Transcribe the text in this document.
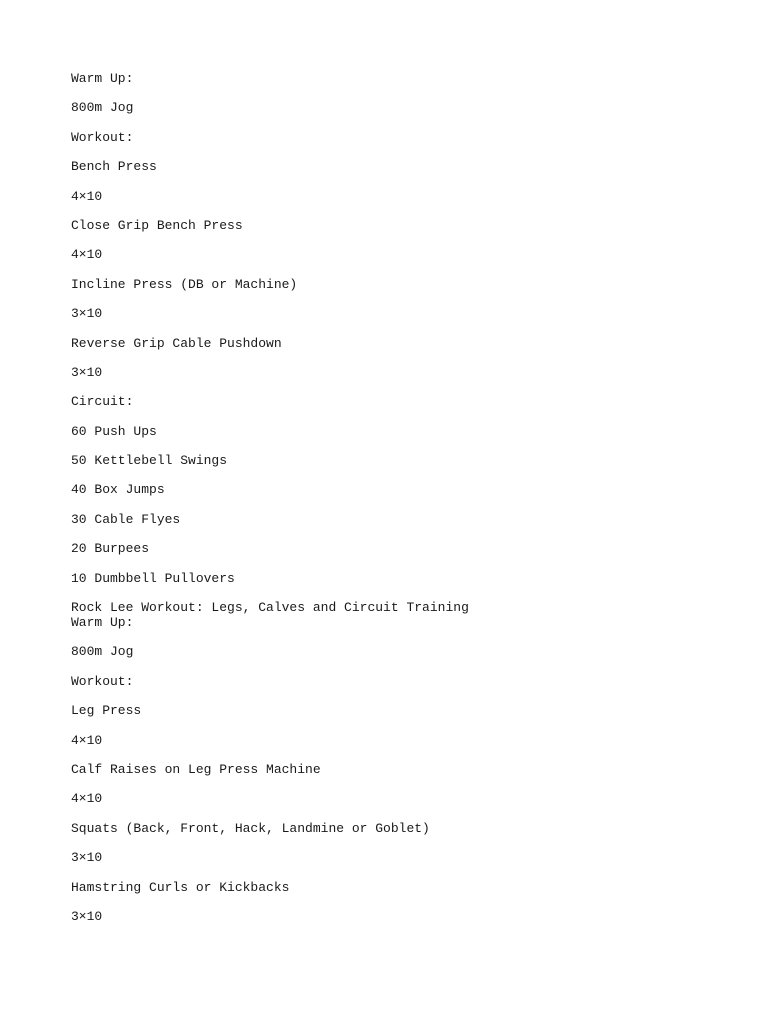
Warm Up:
800m Jog
Workout:
Bench Press
4×10
Close Grip Bench Press
4×10
Incline Press (DB or Machine)
3×10
Reverse Grip Cable Pushdown
3×10
Circuit:
60 Push Ups
50 Kettlebell Swings
40 Box Jumps
30 Cable Flyes
20 Burpees
10 Dumbbell Pullovers
Rock Lee Workout: Legs, Calves and Circuit Training
Warm Up:
800m Jog
Workout:
Leg Press
4×10
Calf Raises on Leg Press Machine
4×10
Squats (Back, Front, Hack, Landmine or Goblet)
3×10
Hamstring Curls or Kickbacks
3×10
